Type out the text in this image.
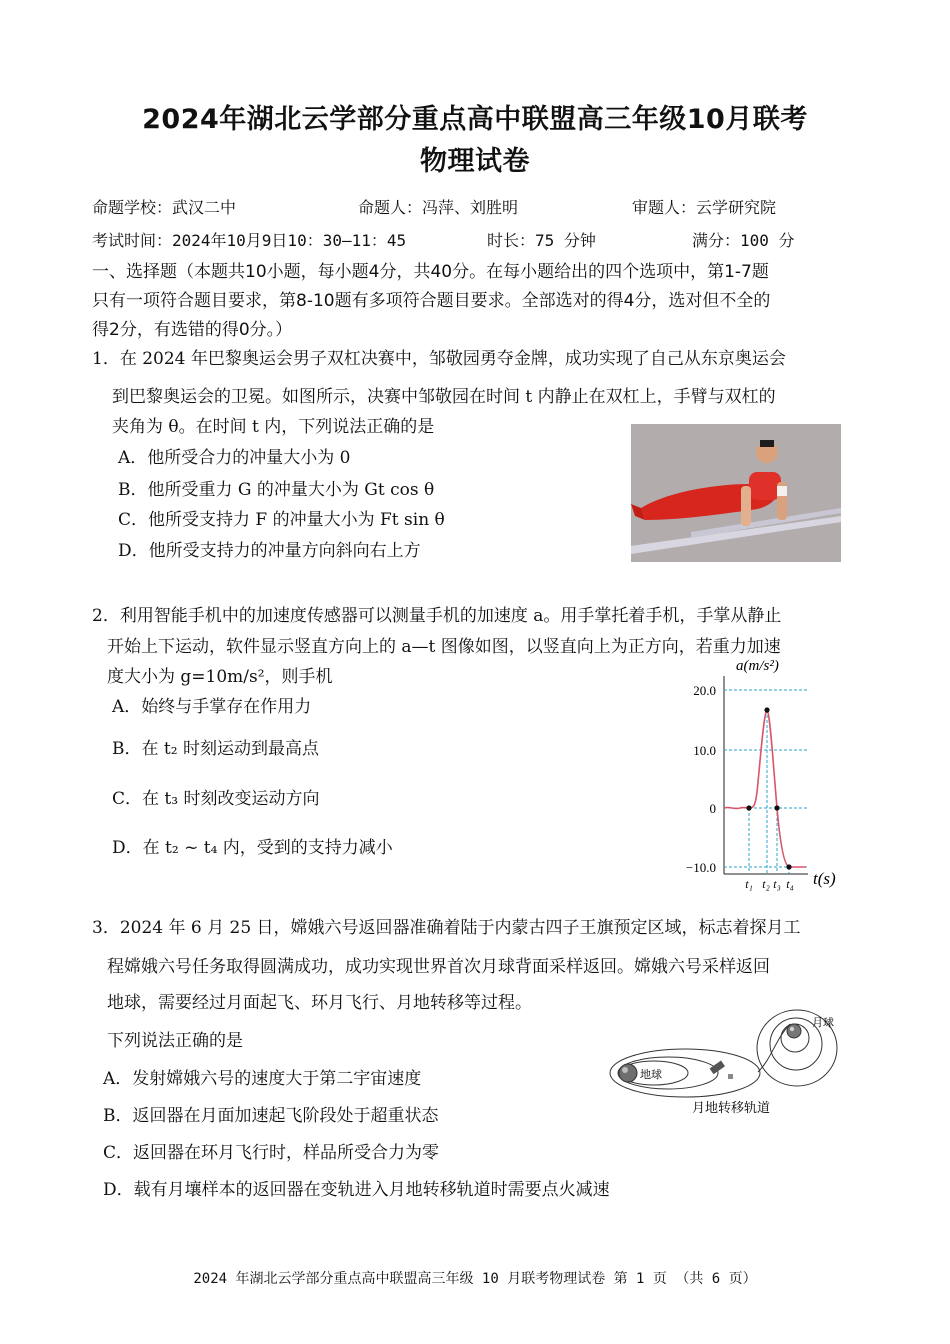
2024年湖北云学部分重点高中联盟高三年级10月联考
物理试卷
命题学校：武汉二中	命题人：冯萍、刘胜明	审题人：云学研究院
考试时间：2024年10月9日10：30—11：45	时长：75 分钟	满分：100 分
一、选择题（本题共10小题，每小题4分，共40分。在每小题给出的四个选项中，第1-7题
只有一项符合题目要求，第8-10题有多项符合题目要求。全部选对的得4分，选对但不全的
得2分，有选错的得0分。）
1．在 2024 年巴黎奥运会男子双杠决赛中，邹敬园勇夺金牌，成功实现了自己从东京奥运会
到巴黎奥运会的卫冕。如图所示，决赛中邹敬园在时间 t 内静止在双杠上，手臂与双杠的
夹角为 θ。在时间 t 内，下列说法正确的是
A．他所受合力的冲量大小为 0
B．他所受重力 G 的冲量大小为 Gt cos θ
C．他所受支持力 F 的冲量大小为 Ft sin θ
D．他所受支持力的冲量方向斜向右上方
2．利用智能手机中的加速度传感器可以测量手机的加速度 a。用手掌托着手机，手掌从静止
开始上下运动，软件显示竖直方向上的 a—t 图像如图，以竖直向上为正方向，若重力加速
度大小为 g=10m/s²，则手机
A．始终与手掌存在作用力
B．在 t₂ 时刻运动到最高点
C．在 t₃ 时刻改变运动方向
D．在 t₂ ~ t₄ 内，受到的支持力减小
a(m/s²)
20.0
10.0
0
−10.0
t₁ t₂ t₃ t₄ t(s)
3．2024 年 6 月 25 日，嫦娥六号返回器准确着陆于内蒙古四子王旗预定区域，标志着探月工
程嫦娥六号任务取得圆满成功，成功实现世界首次月球背面采样返回。嫦娥六号采样返回
地球，需要经过月面起飞、环月飞行、月地转移等过程。
下列说法正确的是
A．发射嫦娥六号的速度大于第二宇宙速度
B．返回器在月面加速起飞阶段处于超重状态
C．返回器在环月飞行时，样品所受合力为零
D．载有月壤样本的返回器在变轨进入月地转移轨道时需要点火减速
地球
月球
月地转移轨道
2024 年湖北云学部分重点高中联盟高三年级 10 月联考物理试卷 第 1 页 （共 6 页）
